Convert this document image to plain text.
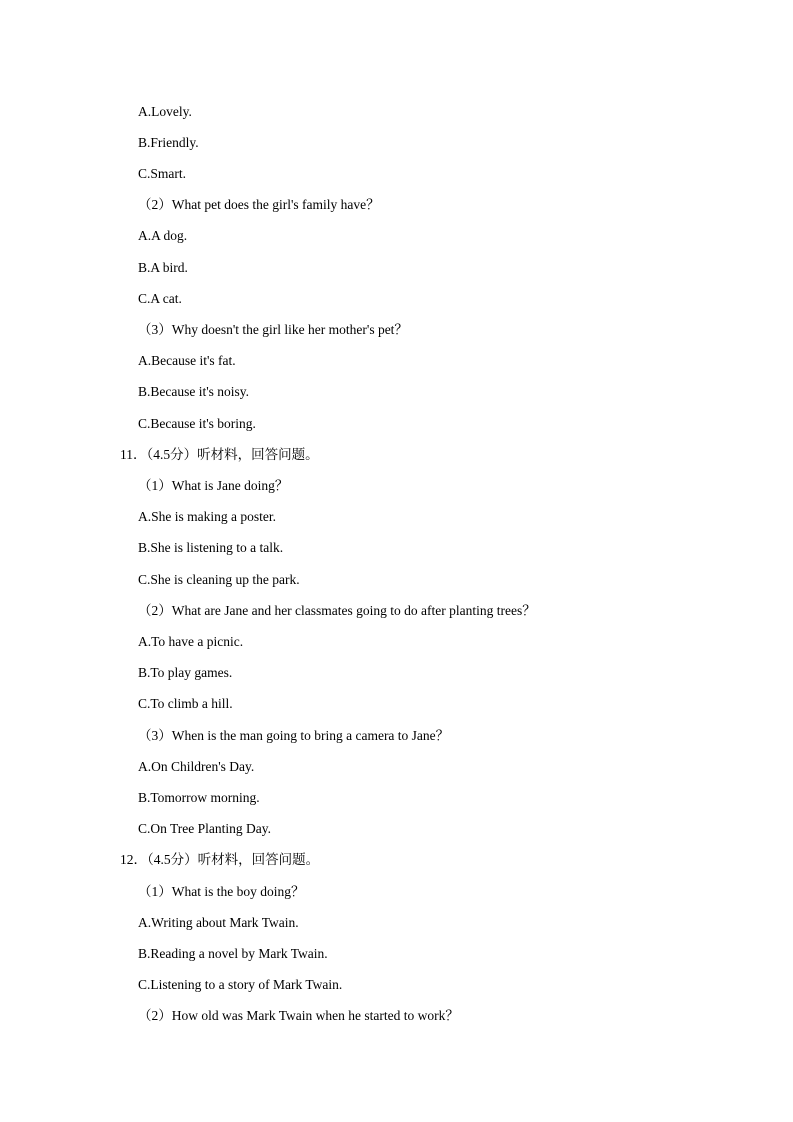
A.Lovely.
B.Friendly.
C.Smart.
（2）What pet does the girl's family have？
A.A dog.
B.A bird.
C.A cat.
（3）Why doesn't the girl like her mother's pet？
A.Because it's fat.
B.Because it's noisy.
C.Because it's boring.
11．（4.5分）听材料，回答问题。
（1）What is Jane doing？
A.She is making a poster.
B.She is listening to a talk.
C.She is cleaning up the park.
（2）What are Jane and her classmates going to do after planting trees？
A.To have a picnic.
B.To play games.
C.To climb a hill.
（3）When is the man going to bring a camera to Jane？
A.On Children's Day.
B.Tomorrow morning.
C.On Tree Planting Day.
12．（4.5分）听材料，回答问题。
（1）What is the boy doing？
A.Writing about Mark Twain.
B.Reading a novel by Mark Twain.
C.Listening to a story of Mark Twain.
（2）How old was Mark Twain when he started to work？
